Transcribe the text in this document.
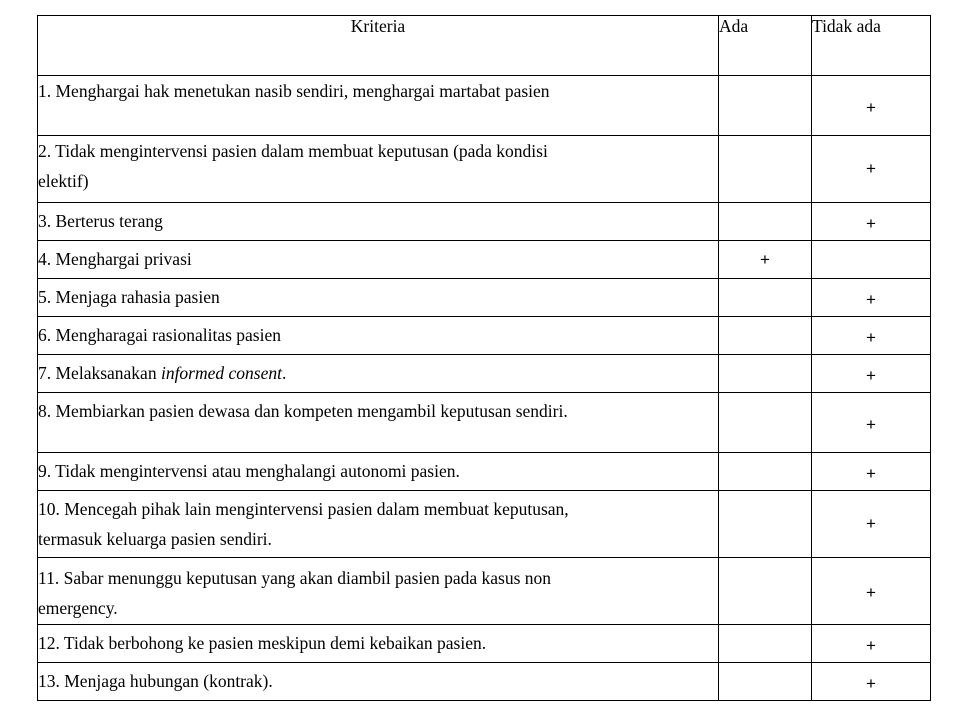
Kriteria	Ada	Tidak ada

1. Menghargai hak menetukan nasib sendiri, menghargai martabat pasien		+

2. Tidak mengintervensi pasien dalam membuat keputusan (pada kondisi
elektif)		+

3. Berterus terang		+

4. Menghargai privasi	+	

5. Menjaga rahasia pasien		+

6. Mengharagai rasionalitas pasien		+

7. Melaksanakan informed consent.		+

8. Membiarkan pasien dewasa dan kompeten mengambil keputusan sendiri.		+

9. Tidak mengintervensi atau menghalangi autonomi pasien.		+

10. Mencegah pihak lain mengintervensi pasien dalam membuat keputusan,
termasuk keluarga pasien sendiri.		+

11. Sabar menunggu keputusan yang akan diambil pasien pada kasus non
emergency.		+

12. Tidak berbohong ke pasien meskipun demi kebaikan pasien.		+

13. Menjaga hubungan (kontrak).		+
